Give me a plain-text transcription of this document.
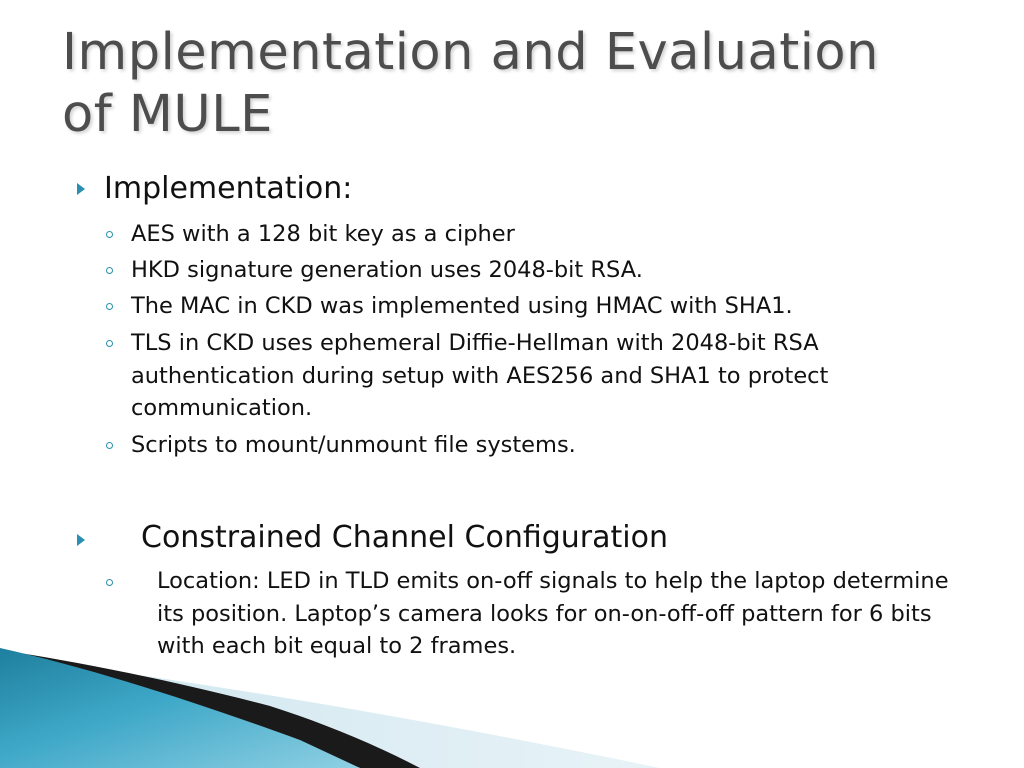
Implementation and Evaluation
of MULE
Implementation:
AES with a 128 bit key as a cipher
HKD signature generation uses 2048-bit RSA.
The MAC in CKD was implemented using HMAC with SHA1.
TLS in CKD uses ephemeral Diffie-Hellman with 2048-bit RSA authentication during setup with AES256 and SHA1 to protect communication.
Scripts to mount/unmount file systems.
Constrained Channel Configuration
Location: LED in TLD emits on-off signals to help the laptop determine its position. Laptop’s camera looks for on-on-off-off pattern for 6 bits with each bit equal to 2 frames.
